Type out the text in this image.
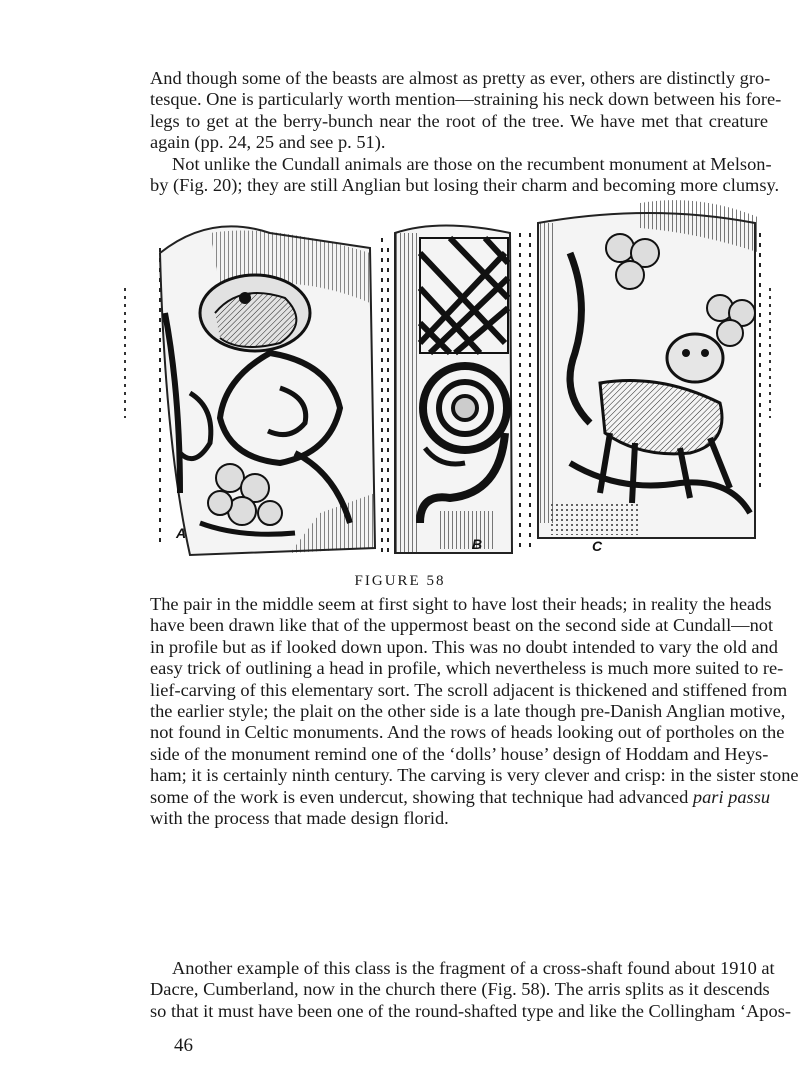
And though some of the beasts are almost as pretty as ever, others are distinctly gro-
tesque. One is particularly worth mention—straining his neck down between his fore-
legs to get at the berry-bunch near the root of the tree. We have met that creature
again (pp. 24, 25 and see p. 51).

Not unlike the Cundall animals are those on the recumbent monument at Melson-
by (Fig. 20); they are still Anglian but losing their charm and becoming more clumsy.

A
B	C
FIGURE 58

The pair in the middle seem at first sight to have lost their heads; in reality the heads
have been drawn like that of the uppermost beast on the second side at Cundall—not
in profile but as if looked down upon. This was no doubt intended to vary the old and
easy trick of outlining a head in profile, which nevertheless is much more suited to re-
lief-carving of this elementary sort. The scroll adjacent is thickened and stiffened from
the earlier style; the plait on the other side is a late though pre-Danish Anglian motive,
not found in Celtic monuments. And the rows of heads looking out of portholes on the
side of the monument remind one of the ‘dolls’ house’ design of Hoddam and Heys-
ham; it is certainly ninth century. The carving is very clever and crisp: in the sister stone
some of the work is even undercut, showing that technique had advanced pari passu
with the process that made design florid.

Another example of this class is the fragment of a cross-shaft found about 1910 at
Dacre, Cumberland, now in the church there (Fig. 58). The arris splits as it descends
so that it must have been one of the round-shafted type and like the Collingham ‘Apos-

46
